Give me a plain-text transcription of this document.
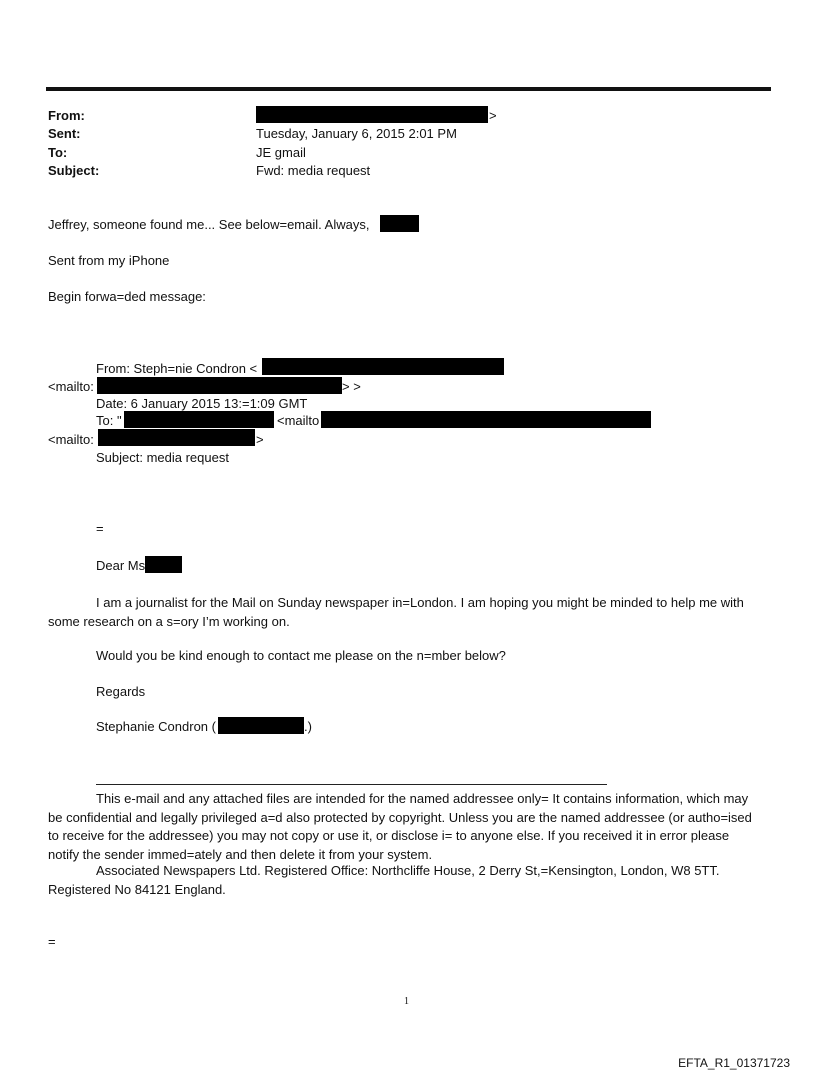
From:	>
Sent:	Tuesday, January 6, 2015 2:01 PM
To:	JE gmail
Subject:	Fwd: media request
Jeffrey, someone found me... See below=email. Always,
Sent from my iPhone
Begin forwa=ded message:
From: Steph=nie Condron <
<mailto:	> >
Date: 6 January 2015 13:=1:09 GMT
To: "	<mailto
<mailto:	>
Subject: media request
=
Dear Ms
I am a journalist for the Mail on Sunday newspaper in=London. I am hoping you might be minded to help me with some research on a s=ory I’m working on.
Would you be kind enough to contact me please on the n=mber below?
Regards
Stephanie Condron (	.)
This e-mail and any attached files are intended for the named addressee only= It contains information, which may be confidential and legally privileged a=d also protected by copyright. Unless you are the named addressee (or autho=ised to receive for the addressee) you may not copy or use it, or disclose i= to anyone else. If you received it in error please notify the sender immed=ately and then delete it from your system.
Associated Newspapers Ltd. Registered Office: Northcliffe House, 2 Derry St,=Kensington, London, W8 5TT. Registered No 84121 England.
=
1
EFTA_R1_01371723
